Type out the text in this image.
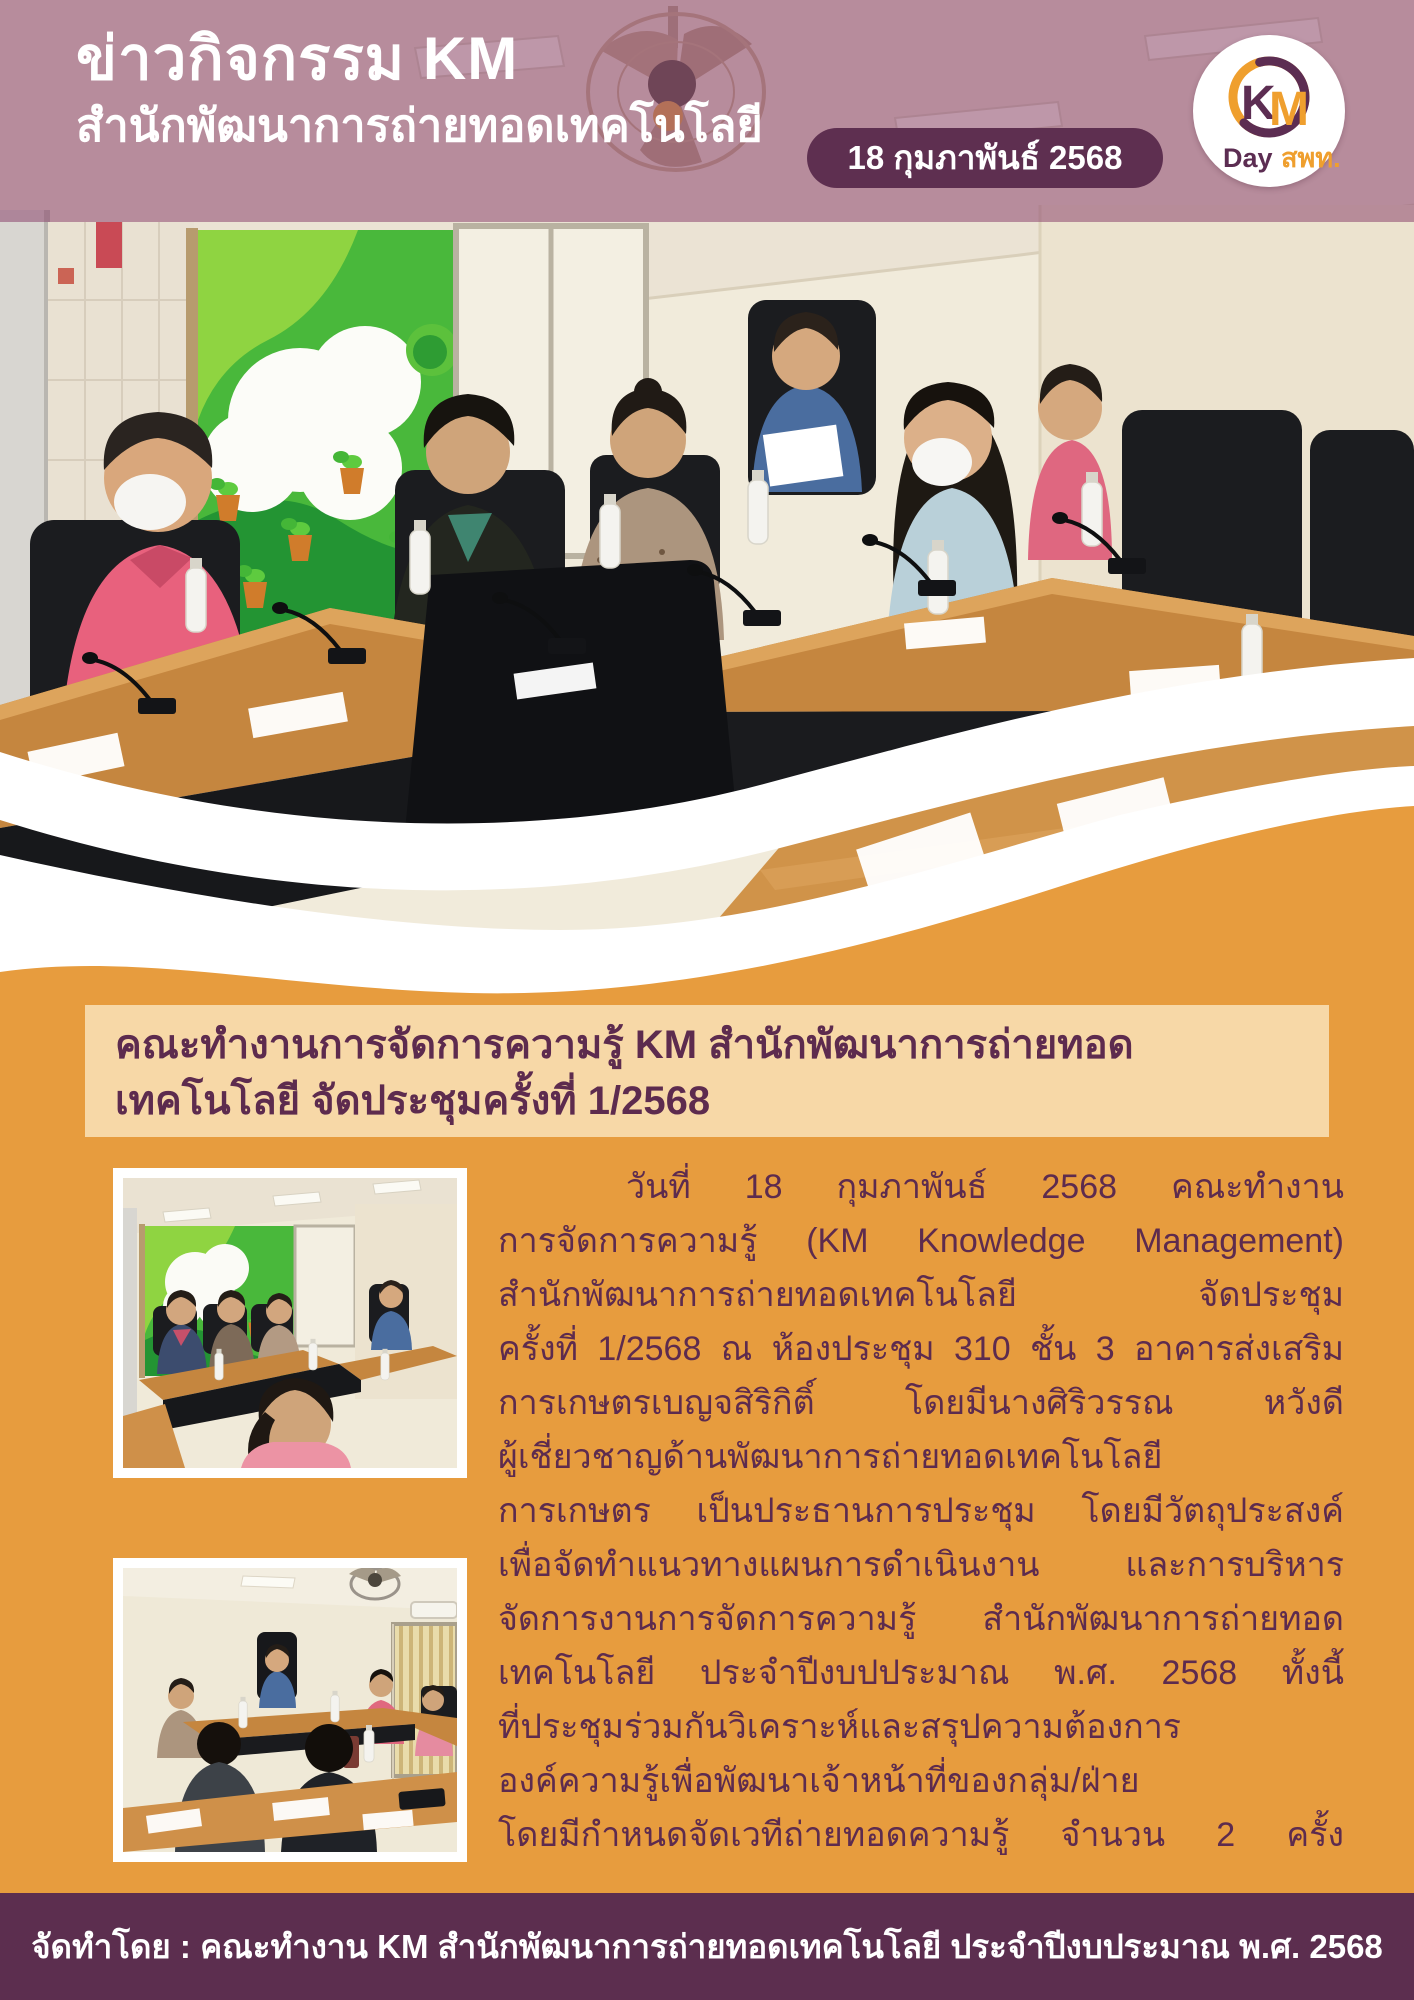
ข่าวกิจกรรม KM
สำนักพัฒนาการถ่ายทอดเทคโนโลยี
18 กุมภาพันธ์ 2568
K
M
Day สพท.
คณะทำงานการจัดการความรู้ KM สำนักพัฒนาการถ่ายทอดเทคโนโลยี จัดประชุมครั้งที่ 1/2568
วันที่ 18 กุมภาพันธ์ 2568 คณะทำงาน
การจัดการความรู้ (KM Knowledge Management)
สำนักพัฒนาการถ่ายทอดเทคโนโลยี จัดประชุม
ครั้งที่ 1/2568 ณ ห้องประชุม 310 ชั้น 3 อาคารส่งเสริม
การเกษตรเบญจสิริกิติ์ โดยมีนางศิริวรรณ หวังดี
ผู้เชี่ยวชาญด้านพัฒนาการถ่ายทอดเทคโนโลยี
การเกษตร เป็นประธานการประชุม โดยมีวัตถุประสงค์
เพื่อจัดทำแนวทางแผนการดำเนินงาน และการบริหาร
จัดการงานการจัดการความรู้ สำนักพัฒนาการถ่ายทอด
เทคโนโลยี ประจำปีงบปประมาณ พ.ศ. 2568 ทั้งนี้
ที่ประชุมร่วมกันวิเคราะห์และสรุปความต้องการ
องค์ความรู้เพื่อพัฒนาเจ้าหน้าที่ของกลุ่ม/ฝ่าย
โดยมีกำหนดจัดเวทีถ่ายทอดความรู้ จำนวน 2 ครั้ง
จัดทำโดย : คณะทำงาน KM สำนักพัฒนาการถ่ายทอดเทคโนโลยี ประจำปีงบประมาณ พ.ศ. 2568
